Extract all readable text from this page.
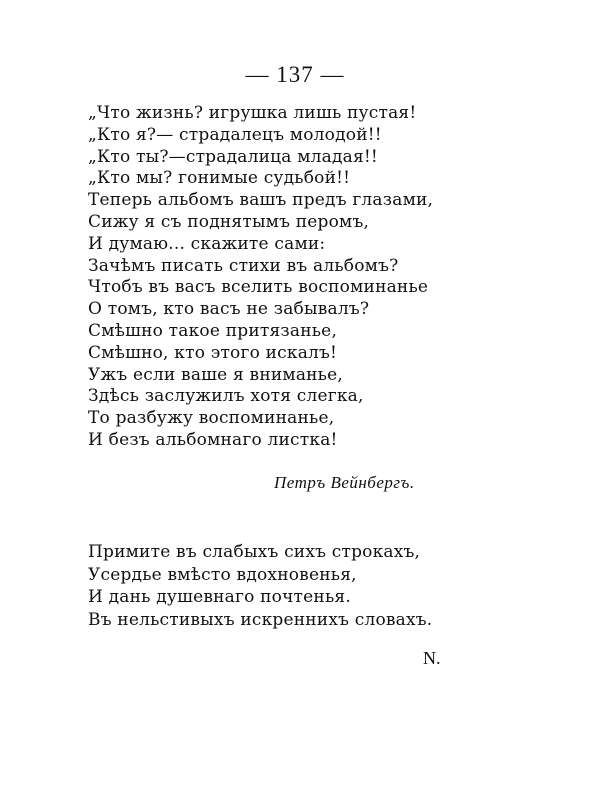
— 137 —
„Что жизнь? игрушка лишь пустая!
„Кто я?— страдалецъ молодой!!
„Кто ты?—страдалица младая!!
„Кто мы? гонимые судьбой!!
Теперь альбомъ вашъ предъ глазами,
Сижу я съ поднятымъ перомъ,
И думаю... скажите сами:
Зачѣмъ писать стихи въ альбомъ?
Чтобъ въ васъ вселить воспоминанье
О томъ, кто васъ не забывалъ?
Смѣшно такое притязанье,
Смѣшно, кто этого искалъ!
Ужъ если ваше я вниманье,
Здѣсь заслужилъ хотя слегка,
То разбужу воспоминанье,
И безъ альбомнаго листка!
Петръ Вейнбергъ.
Примите въ слабыхъ сихъ строкахъ,
Усердье вмѣсто вдохновенья,
И дань душевнаго почтенья.
Въ нельстивыхъ искреннихъ словахъ.
N.
